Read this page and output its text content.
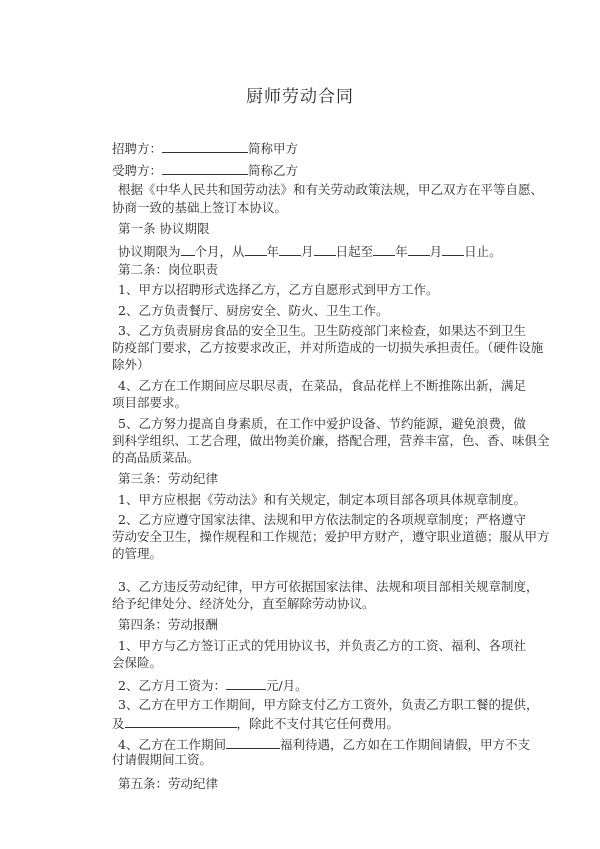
厨师劳动合同
招聘方：	简称甲方
受聘方：	简称乙方
根据《中华人民共和国劳动法》和有关劳动政策法规，甲乙双方在平等自愿、
协商一致的基础上签订本协议。
第一条 协议期限
协议期限为 个月，从 年 月 日起至 年 月 日止。
第二条：岗位职责
1、甲方以招聘形式选择乙方，乙方自愿形式到甲方工作。
2、乙方负责餐厅、厨房安全、防火、卫生工作。
3、乙方负责厨房食品的安全卫生。卫生防疫部门来检查，如果达不到卫生
防疫部门要求，乙方按要求改正，并对所造成的一切损失承担责任。（硬件设施
除外）
4、乙方在工作期间应尽职尽责，在菜品，食品花样上不断推陈出新，满足
项目部要求。
5、乙方努力提高自身素质，在工作中爱护设备、节约能源，避免浪费，做
到科学组织、工艺合理，做出物美价廉，搭配合理，营养丰富，色、香、味俱全
的高品质菜品。
第三条：劳动纪律
1、甲方应根据《劳动法》和有关规定，制定本项目部各项具体规章制度。
2、乙方应遵守国家法律、法规和甲方依法制定的各项规章制度；严格遵守
劳动安全卫生，操作规程和工作规范；爱护甲方财产，遵守职业道德；服从甲方
的管理。
3、乙方违反劳动纪律，甲方可依据国家法律、法规和项目部相关规章制度，
给予纪律处分、经济处分，直至解除劳动协议。
第四条：劳动报酬
1、甲方与乙方签订正式的凭用协议书，并负责乙方的工资、福利、各项社
会保险。
2、乙方月工资为：	元/月。
3、乙方在甲方工作期间，甲方除支付乙方工资外，负责乙方职工餐的提供，
及	，除此不支付其它任何费用。
4、乙方在工作期间	福利待遇，乙方如在工作期间请假，甲方不支
付请假期间工资。
第五条：劳动纪律
